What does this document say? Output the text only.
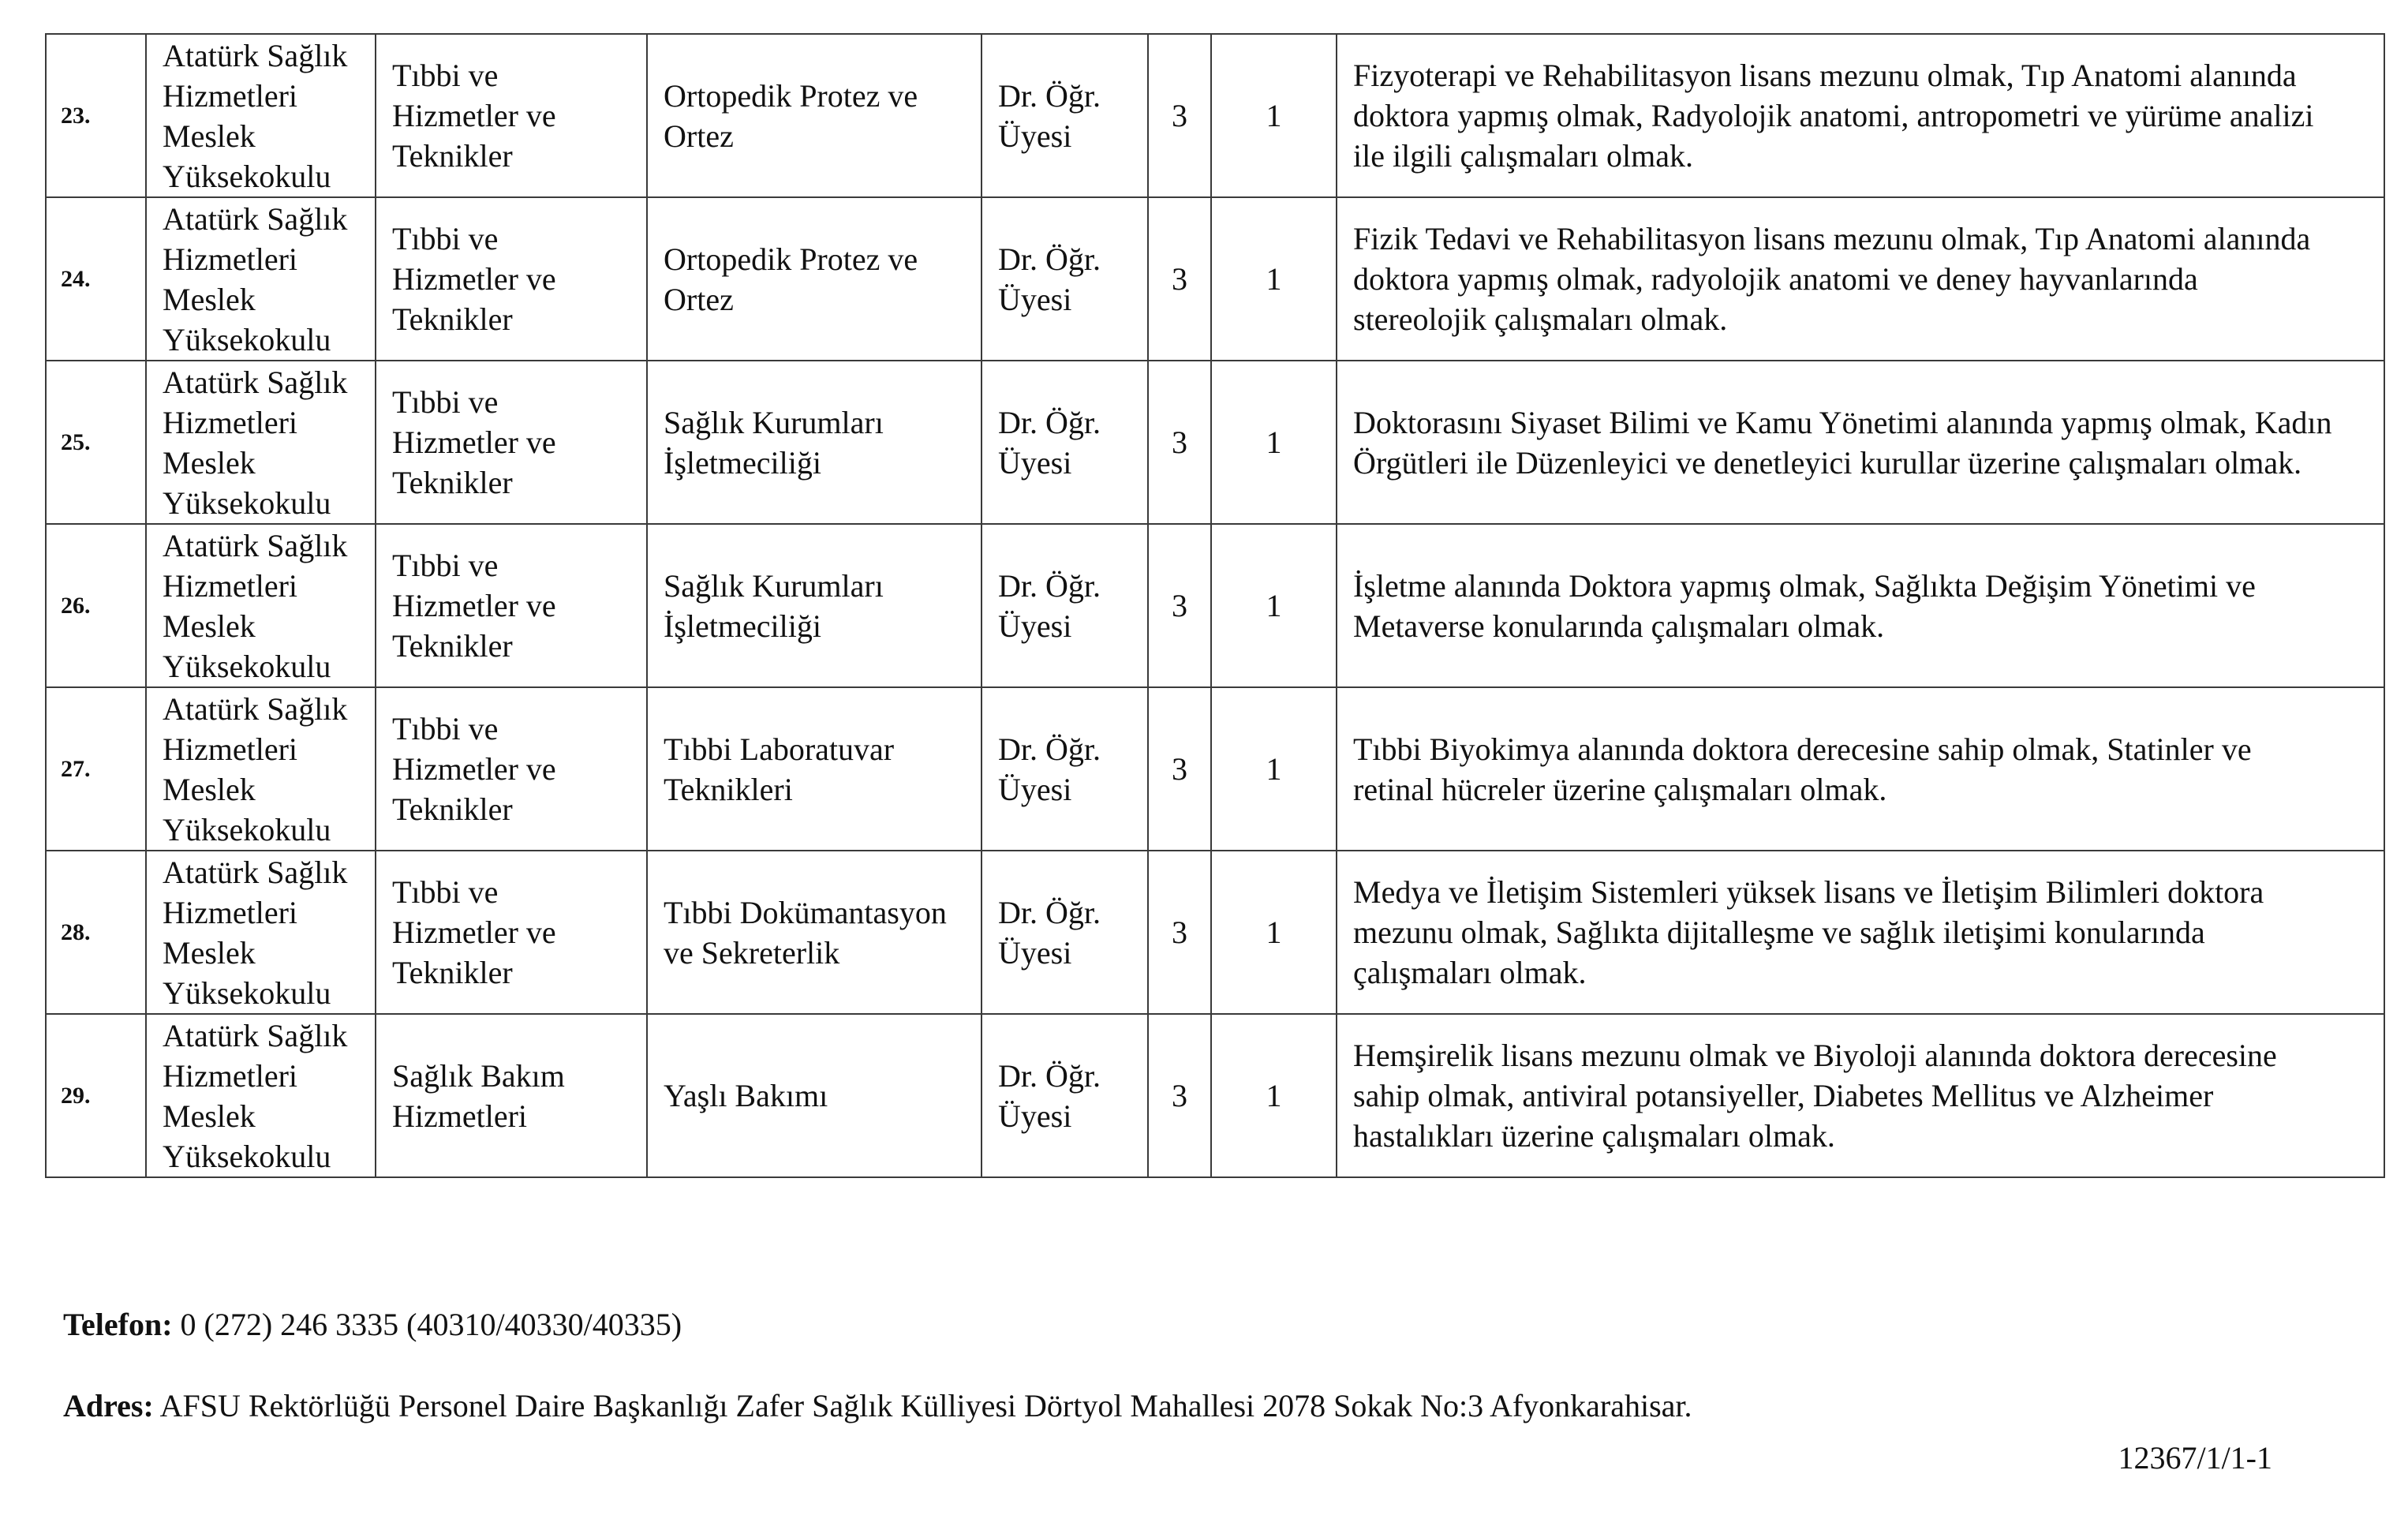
23.	Atatürk Sağlık
Hizmetleri
Meslek
Yüksekokulu	Tıbbi ve
Hizmetler ve
Teknikler	Ortopedik Protez ve
Ortez	Dr. Öğr.
Üyesi	3	1	Fizyoterapi ve Rehabilitasyon lisans mezunu olmak, Tıp Anatomi alanında
doktora yapmış olmak, Radyolojik anatomi, antropometri ve yürüme analizi
ile ilgili çalışmaları olmak.
24.	Atatürk Sağlık
Hizmetleri
Meslek
Yüksekokulu	Tıbbi ve
Hizmetler ve
Teknikler	Ortopedik Protez ve
Ortez	Dr. Öğr.
Üyesi	3	1	Fizik Tedavi ve Rehabilitasyon lisans mezunu olmak, Tıp Anatomi alanında
doktora yapmış olmak, radyolojik anatomi ve deney hayvanlarında
stereolojik çalışmaları olmak.
25.	Atatürk Sağlık
Hizmetleri
Meslek
Yüksekokulu	Tıbbi ve
Hizmetler ve
Teknikler	Sağlık Kurumları
İşletmeciliği	Dr. Öğr.
Üyesi	3	1	Doktorasını Siyaset Bilimi ve Kamu Yönetimi alanında yapmış olmak, Kadın
Örgütleri ile Düzenleyici ve denetleyici kurullar üzerine çalışmaları olmak.
26.	Atatürk Sağlık
Hizmetleri
Meslek
Yüksekokulu	Tıbbi ve
Hizmetler ve
Teknikler	Sağlık Kurumları
İşletmeciliği	Dr. Öğr.
Üyesi	3	1	İşletme alanında Doktora yapmış olmak, Sağlıkta Değişim Yönetimi ve
Metaverse konularında çalışmaları olmak.
27.	Atatürk Sağlık
Hizmetleri
Meslek
Yüksekokulu	Tıbbi ve
Hizmetler ve
Teknikler	Tıbbi Laboratuvar
Teknikleri	Dr. Öğr.
Üyesi	3	1	Tıbbi Biyokimya alanında doktora derecesine sahip olmak, Statinler ve
retinal hücreler üzerine çalışmaları olmak.
28.	Atatürk Sağlık
Hizmetleri
Meslek
Yüksekokulu	Tıbbi ve
Hizmetler ve
Teknikler	Tıbbi Dokümantasyon
ve Sekreterlik	Dr. Öğr.
Üyesi	3	1	Medya ve İletişim Sistemleri yüksek lisans ve İletişim Bilimleri doktora
mezunu olmak, Sağlıkta dijitalleşme ve sağlık iletişimi konularında
çalışmaları olmak.
29.	Atatürk Sağlık
Hizmetleri
Meslek
Yüksekokulu	Sağlık Bakım
Hizmetleri	Yaşlı Bakımı	Dr. Öğr.
Üyesi	3	1	Hemşirelik lisans mezunu olmak ve Biyoloji alanında doktora derecesine
sahip olmak, antiviral potansiyeller, Diabetes Mellitus ve Alzheimer
hastalıkları üzerine çalışmaları olmak.
Telefon: 0 (272) 246 3335 (40310/40330/40335)
Adres: AFSU Rektörlüğü Personel Daire Başkanlığı Zafer Sağlık Külliyesi Dörtyol Mahallesi 2078 Sokak No:3 Afyonkarahisar.
12367/1/1-1
